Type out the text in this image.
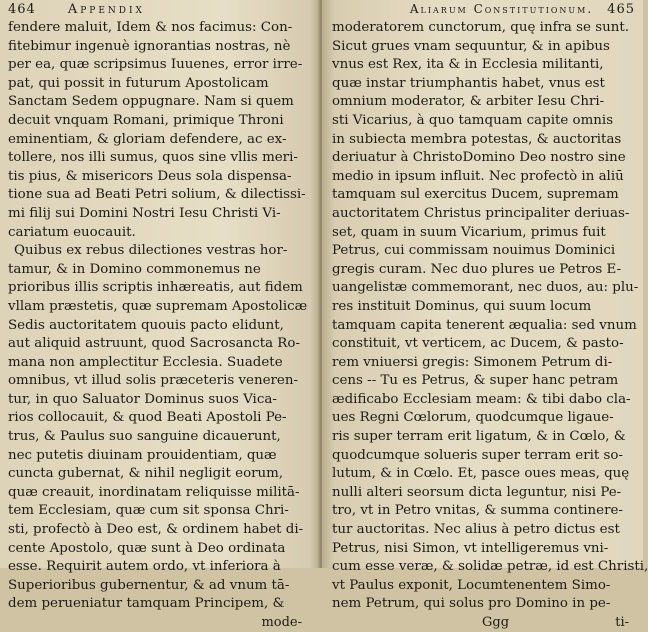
464 Appendix
fendere maluit, Idem & nos facimus: Con-
fitebimur ingenuè ignorantias nostras, nè
per ea, quæ scripsimus Iuuenes, error irre-
pat, qui possit in futurum Apostolicam
Sanctam Sedem oppugnare. Nam si quem
decuit vnquam Romani, primique Throni
eminentiam, & gloriam defendere, ac ex-
tollere, nos illi sumus, quos sine vllis meri-
tis pius, & misericors Deus sola dispensa-
tione sua ad Beati Petri solium, & dilectissi-
mi filij sui Domini Nostri Iesu Christi Vi-
cariatum euocauit.
Quibus ex rebus dilectiones vestras hor-
tamur, & in Domino commonemus ne
prioribus illis scriptis inhæreatis, aut fidem
vllam præstetis, quæ supremam Apostolicæ
Sedis auctoritatem quouis pacto elidunt,
aut aliquid astruunt, quod Sacrosancta Ro-
mana non amplectitur Ecclesia. Suadete
omnibus, vt illud solis præceteris veneren-
tur, in quo Saluator Dominus suos Vica-
rios collocauit, & quod Beati Apostoli Pe-
trus, & Paulus suo sanguine dicauerunt,
nec putetis diuinam prouidentiam, quæ
cuncta gubernat, & nihil negligit eorum,
quæ creauit, inordinatam reliquisse militā-
tem Ecclesiam, quæ cum sit sponsa Chri-
sti, profectò à Deo est, & ordinem habet di-
cente Apostolo, quæ sunt à Deo ordinata
esse. Requirit autem ordo, vt inferiora à
Superioribus gubernentur, & ad vnum tā-
dem perueniatur tamquam Principem, &
mode-
Aliarum Constitutionum. 465
moderatorem cunctorum, quę infra se sunt.
Sicut grues vnam sequuntur, & in apibus
vnus est Rex, ita & in Ecclesia militanti,
quæ instar triumphantis habet, vnus est
omnium moderator, & arbiter Iesu Chri-
sti Vicarius, à quo tamquam capite omnis
in subiecta membra potestas, & auctoritas
deriuatur à ChristoDomino Deo nostro sine
medio in ipsum influit. Nec profectò in aliū
tamquam sul exercitus Ducem, supremam
auctoritatem Christus principaliter deriuas-
set, quam in suum Vicarium, primus fuit
Petrus, cui commissam nouimus Dominici
gregis curam. Nec duo plures ue Petros E-
uangelistæ commemorant, nec duos, au: plu-
res instituit Dominus, qui suum locum
tamquam capita tenerent æqualia: sed vnum
constituit, vt verticem, ac Ducem, & pasto-
rem vniuersi gregis: Simonem Petrum di-
cens -- Tu es Petrus, & super hanc petram
ædificabo Ecclesiam meam: & tibi dabo cla-
ues Regni Cœlorum, quodcumque ligaue-
ris super terram erit ligatum, & in Cœlo, &
quodcumque solueris super terram erit so-
lutum, & in Cœlo. Et, pasce oues meas, quę
nulli alteri seorsum dicta leguntur, nisi Pe-
tro, vt in Petro vnitas, & summa continere-
tur auctoritas. Nec alius à petro dictus est
Petrus, nisi Simon, vt intelligeremus vni-
cum esse veræ, & solidæ petræ, id est Christi,
vt Paulus exponit, Locumtenentem Simo-
nem Petrum, qui solus pro Domino in pe-
Ggg	ti-
